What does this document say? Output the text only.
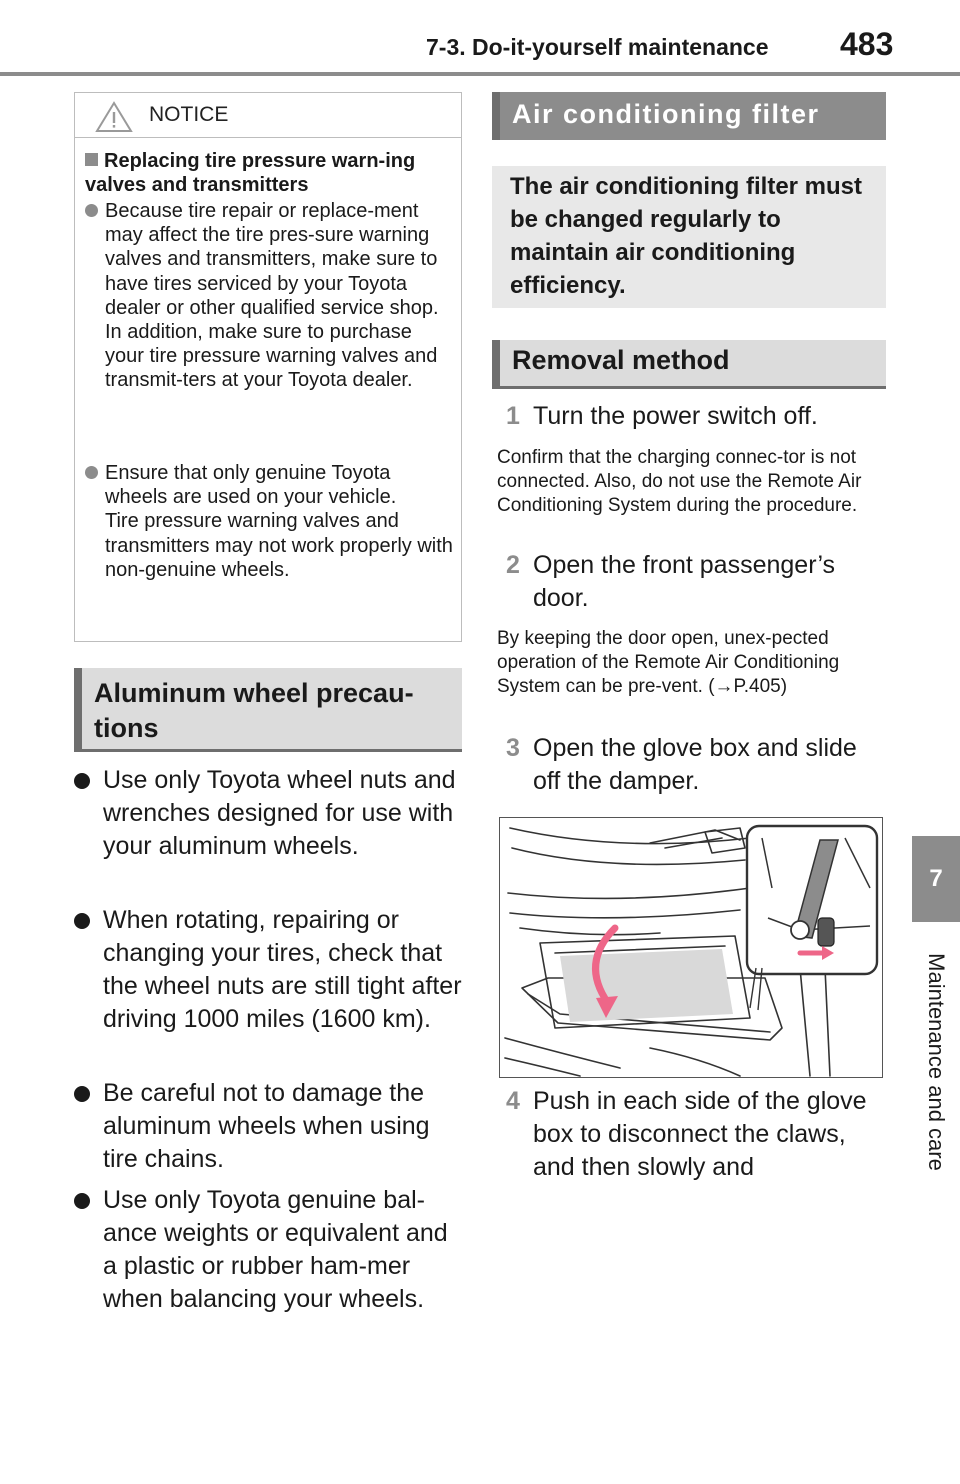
7-3. Do-it-yourself maintenance 483
7
Maintenance and care
NOTICE
Replacing tire pressure warn-ing valves and transmitters
Because tire repair or replace-ment may affect the tire pres-sure warning valves and transmitters, make sure to have tires serviced by your Toyota dealer or other qualified service shop. In addition, make sure to purchase your tire pressure warning valves and transmit-ters at your Toyota dealer.
Ensure that only genuine Toyota wheels are used on your vehicle.
Tire pressure warning valves and transmitters may not work properly with non-genuine wheels.
Aluminum wheel precau-tions
Use only Toyota wheel nuts and wrenches designed for use with your aluminum wheels.
When rotating, repairing or changing your tires, check that the wheel nuts are still tight after driving 1000 miles (1600 km).
Be careful not to damage the aluminum wheels when using tire chains.
Use only Toyota genuine bal-ance weights or equivalent and a plastic or rubber ham-mer when balancing your wheels.
Air conditioning filter
The air conditioning filter must be changed regularly to maintain air conditioning efficiency.
Removal method
1 Turn the power switch off.
Confirm that the charging connec-tor is not connected. Also, do not use the Remote Air Conditioning System during the procedure.
2 Open the front passenger’s door.
By keeping the door open, unex-pected operation of the Remote Air Conditioning System can be pre-vent. (→P.405)
3 Open the glove box and slide off the damper.
4 Push in each side of the glove box to disconnect the claws, and then slowly and
